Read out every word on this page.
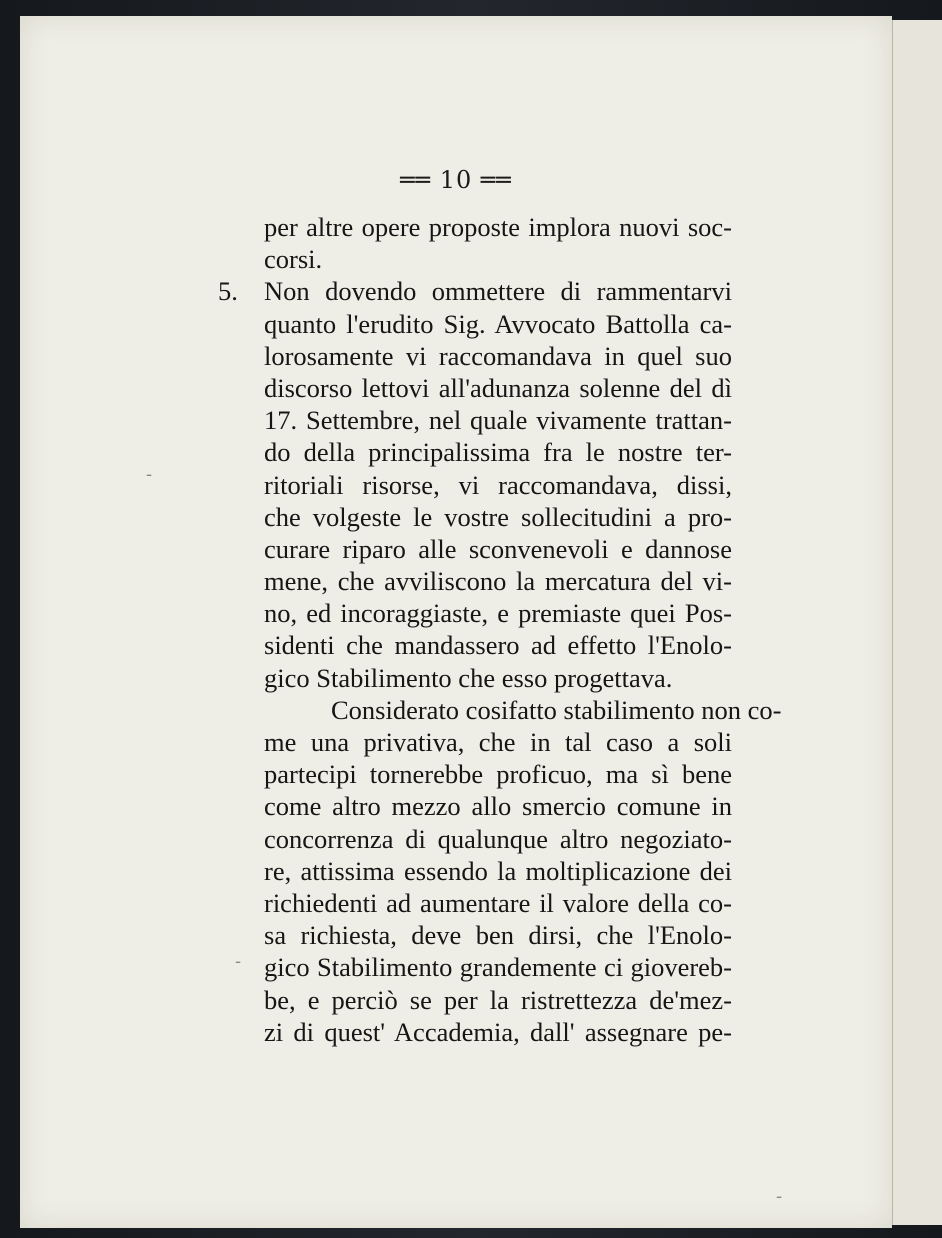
══ 10 ══
per altre opere proposte implora nuovi soc-
corsi.
5. Non dovendo ommettere di rammentarvi
quanto l'erudito Sig. Avvocato Battolla ca-
lorosamente vi raccomandava in quel suo
discorso lettovi all'adunanza solenne del dì
17. Settembre, nel quale vivamente trattan-
do della principalissima fra le nostre ter-
ritoriali risorse, vi raccomandava, dissi,
che volgeste le vostre sollecitudini a pro-
curare riparo alle sconvenevoli e dannose
mene, che avviliscono la mercatura del vi-
no, ed incoraggiaste, e premiaste quei Pos-
sidenti che mandassero ad effetto l'Enolo-
gico Stabilimento che esso progettava.
Considerato cosifatto stabilimento non co-
me una privativa, che in tal caso a soli
partecipi tornerebbe proficuo, ma sì bene
come altro mezzo allo smercio comune in
concorrenza di qualunque altro negoziato-
re, attissima essendo la moltiplicazione dei
richiedenti ad aumentare il valore della co-
sa richiesta, deve ben dirsi, che l'Enolo-
gico Stabilimento grandemente ci giovereb-
be, e perciò se per la ristrettezza de'mez-
zi di quest' Accademia, dall' assegnare pe-
-
-
-
